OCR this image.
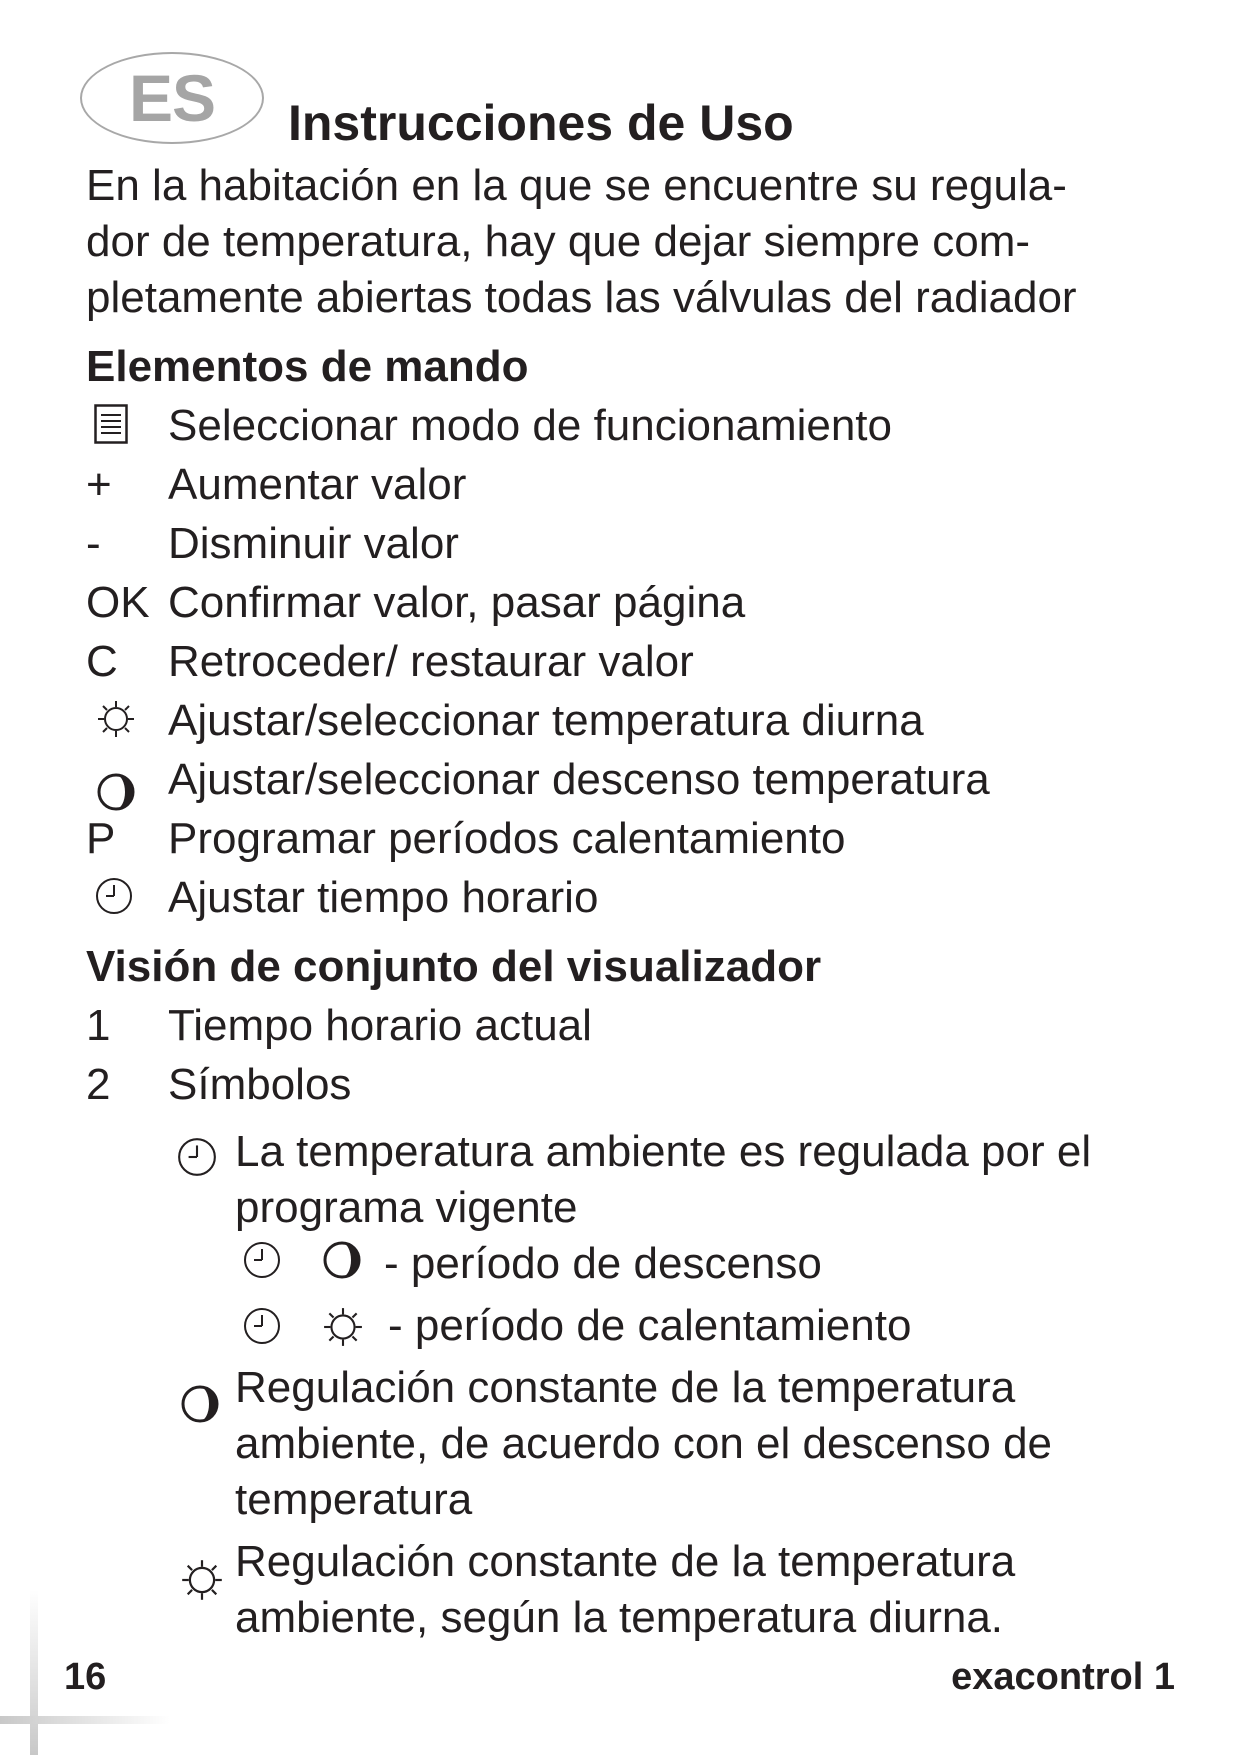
ES	Instrucciones de Uso
En la habitación en la que se encuentre su regula-
dor de temperatura, hay que dejar siempre com-
pletamente abiertas todas las válvulas del radiador
Elementos de mando
Seleccionar modo de funcionamiento
+	Aumentar valor
-	Disminuir valor
OK Confirmar valor, pasar página
C	Retroceder/ restaurar valor
Ajustar/seleccionar temperatura diurna
Ajustar/seleccionar descenso temperatura
P	Programar períodos calentamiento
Ajustar tiempo horario
Visión de conjunto del visualizador
1	Tiempo horario actual
2	Símbolos
La temperatura ambiente es regulada por el
programa vigente
- período de descenso
- período de calentamiento
Regulación constante de la temperatura
ambiente, de acuerdo con el descenso de
temperatura
Regulación constante de la temperatura
ambiente, según la temperatura diurna.
16	exacontrol 1
